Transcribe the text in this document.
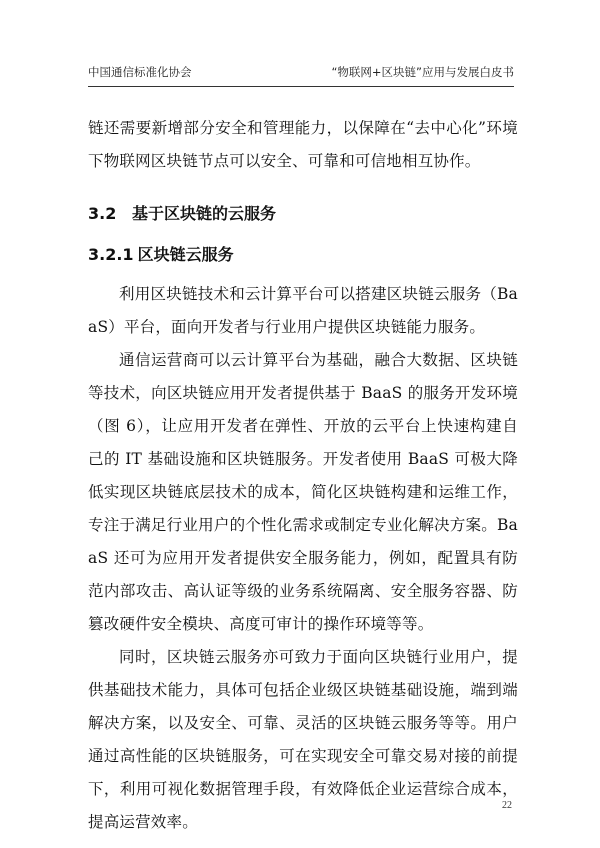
中国通信标准化协会	“物联网+区块链”应用与发展白皮书

链还需要新增部分安全和管理能力，以保障在“去中心化”环境下物联网区块链节点可以安全、可靠和可信地相互协作。

3.2 基于区块链的云服务
3.2.1 区块链云服务

利用区块链技术和云计算平台可以搭建区块链云服务（BaaS）平台，面向开发者与行业用户提供区块链能力服务。

通信运营商可以云计算平台为基础，融合大数据、区块链等技术，向区块链应用开发者提供基于 BaaS 的服务开发环境（图 6），让应用开发者在弹性、开放的云平台上快速构建自己的 IT 基础设施和区块链服务。开发者使用 BaaS 可极大降低实现区块链底层技术的成本，简化区块链构建和运维工作，专注于满足行业用户的个性化需求或制定专业化解决方案。BaaS 还可为应用开发者提供安全服务能力，例如，配置具有防范内部攻击、高认证等级的业务系统隔离、安全服务容器、防篡改硬件安全模块、高度可审计的操作环境等等。

同时，区块链云服务亦可致力于面向区块链行业用户，提供基础技术能力，具体可包括企业级区块链基础设施，端到端解决方案，以及安全、可靠、灵活的区块链云服务等等。用户通过高性能的区块链服务，可在实现安全可靠交易对接的前提下，利用可视化数据管理手段，有效降低企业运营综合成本，提高运营效率。

22
